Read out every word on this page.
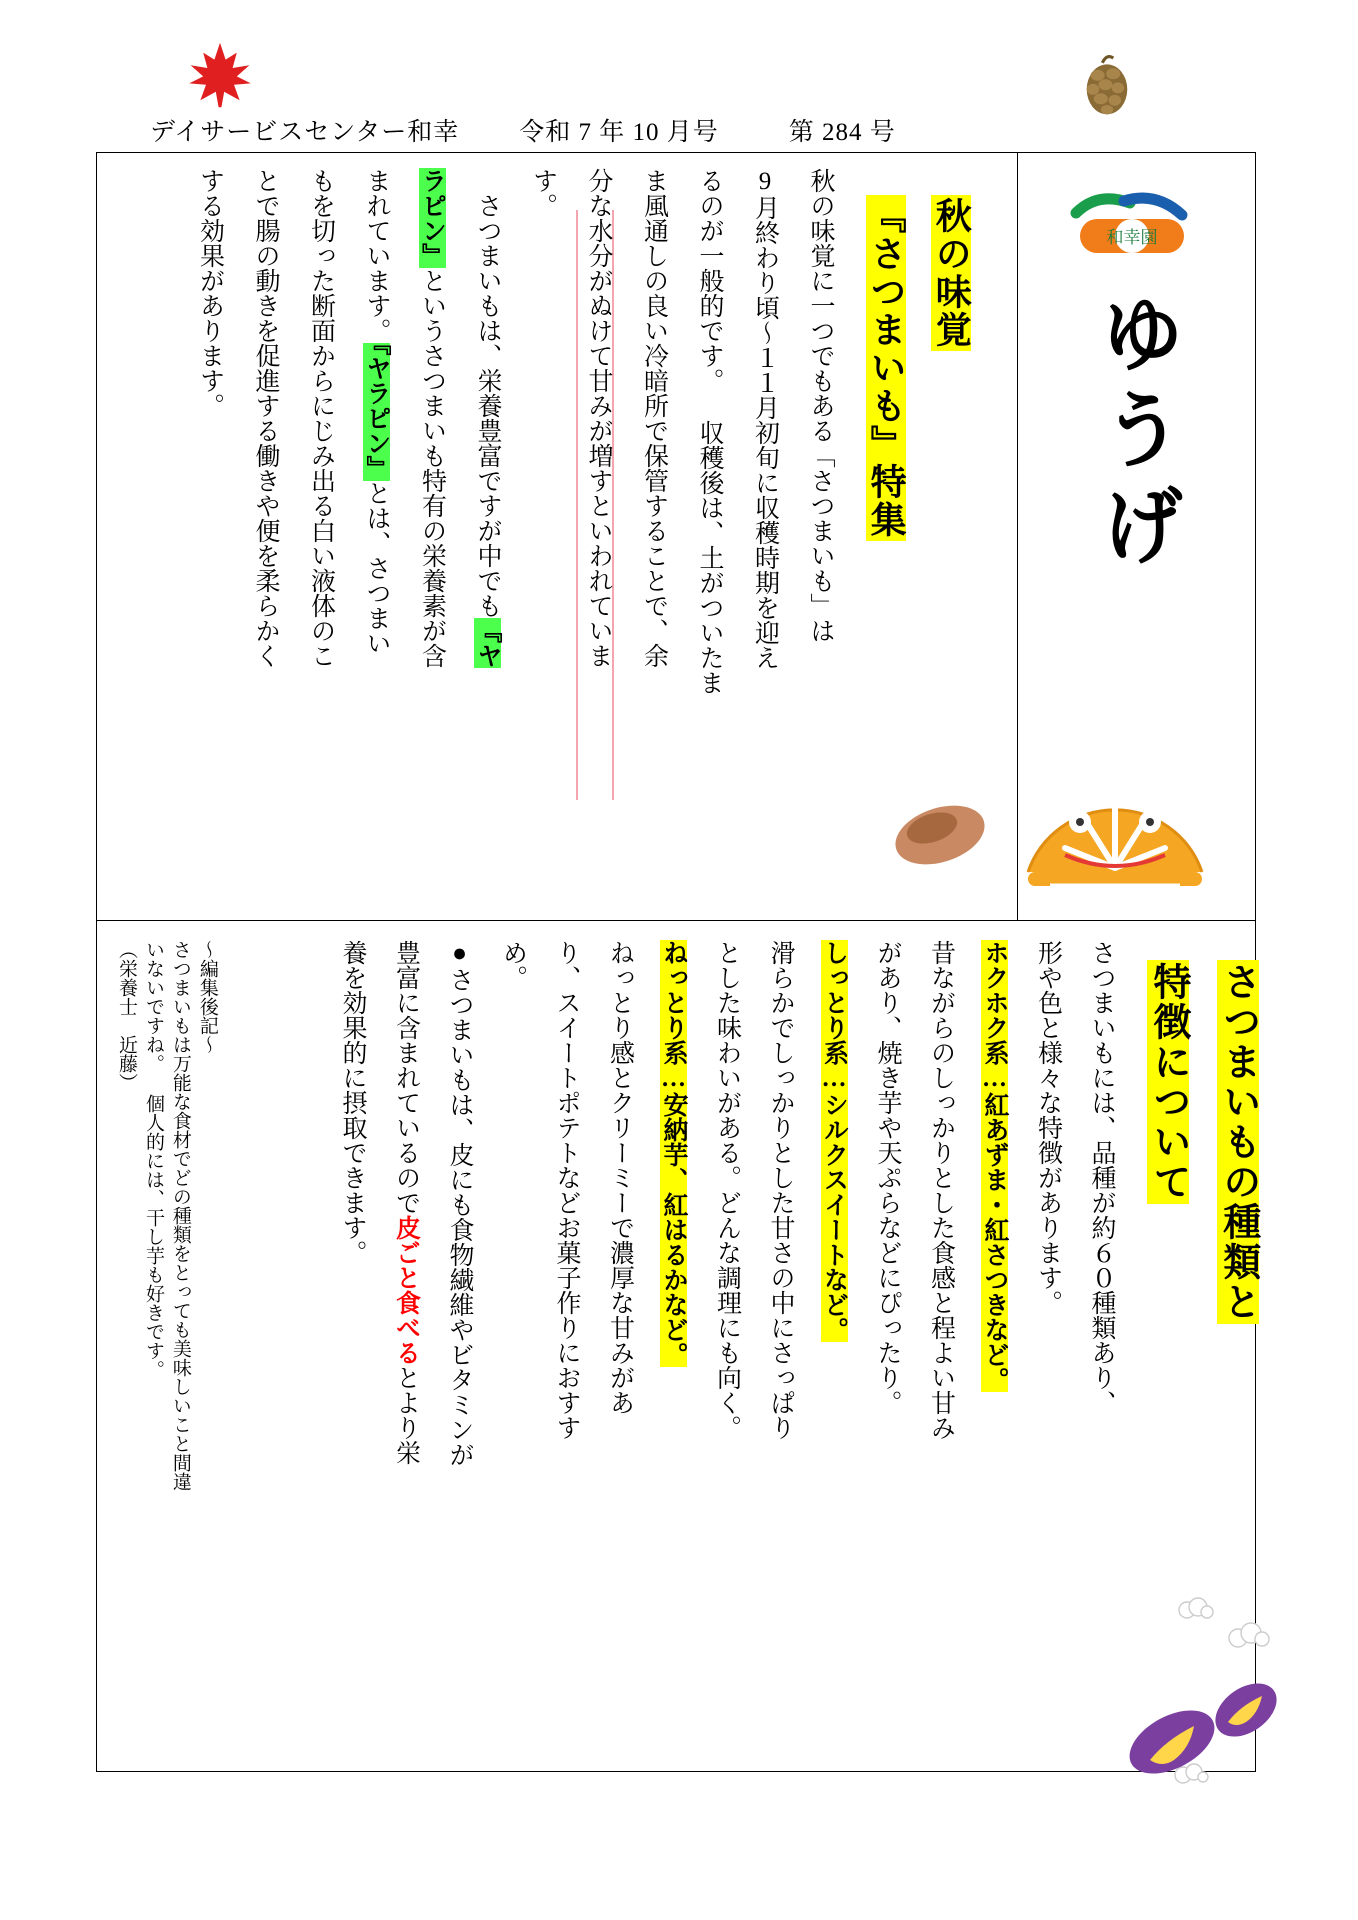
デイサービスセンター和幸 令和 7 年 10 月号	第 284 号
和幸園
ゆうげ
秋の味覚
『さつまいも』特集
秋の味覚に一つでもある「さつまいも」は
9月終わり頃～１１月初旬に収穫時期を迎え
るのが一般的です。 収穫後は、土がついたま
ま風通しの良い冷暗所で保管することで、余
分な水分がぬけて甘みが増すといわれていま
す。
　さつまいもは、栄養豊富ですが中でも『ヤ
ラピン』というさつまいも特有の栄養素が含
まれています。『ヤラピン』とは、さつまい
もを切った断面からにじみ出る白い液体のこ
とで腸の動きを促進する働きや便を柔らかく
する効果があります。
さつまいもの種類と
特徴について
さつまいもには、品種が約６０種類あり、
形や色と様々な特徴があります。
ホクホク系…紅あずま・紅さつきなど。
昔ながらのしっかりとした食感と程よい甘み
があり、焼き芋や天ぷらなどにぴったり。
しっとり系…シルクスイートなど。
滑らかでしっかりとした甘さの中にさっぱり
とした味わいがある。どんな調理にも向く。
ねっとり系…安納芋、紅はるかなど。
ねっとり感とクリーミーで濃厚な甘みがあ
り、スイートポテトなどお菓子作りにおすす
め。
●さつまいもは、皮にも食物繊維やビタミンが
豊富に含まれているので皮ごと食べるとより栄
養を効果的に摂取できます。
～編集後記～
さつまいもは万能な食材でどの種類をとっても美味しいこと間違
いないですね。 個人的には、干し芋も好きです。
（栄養士　近藤）
